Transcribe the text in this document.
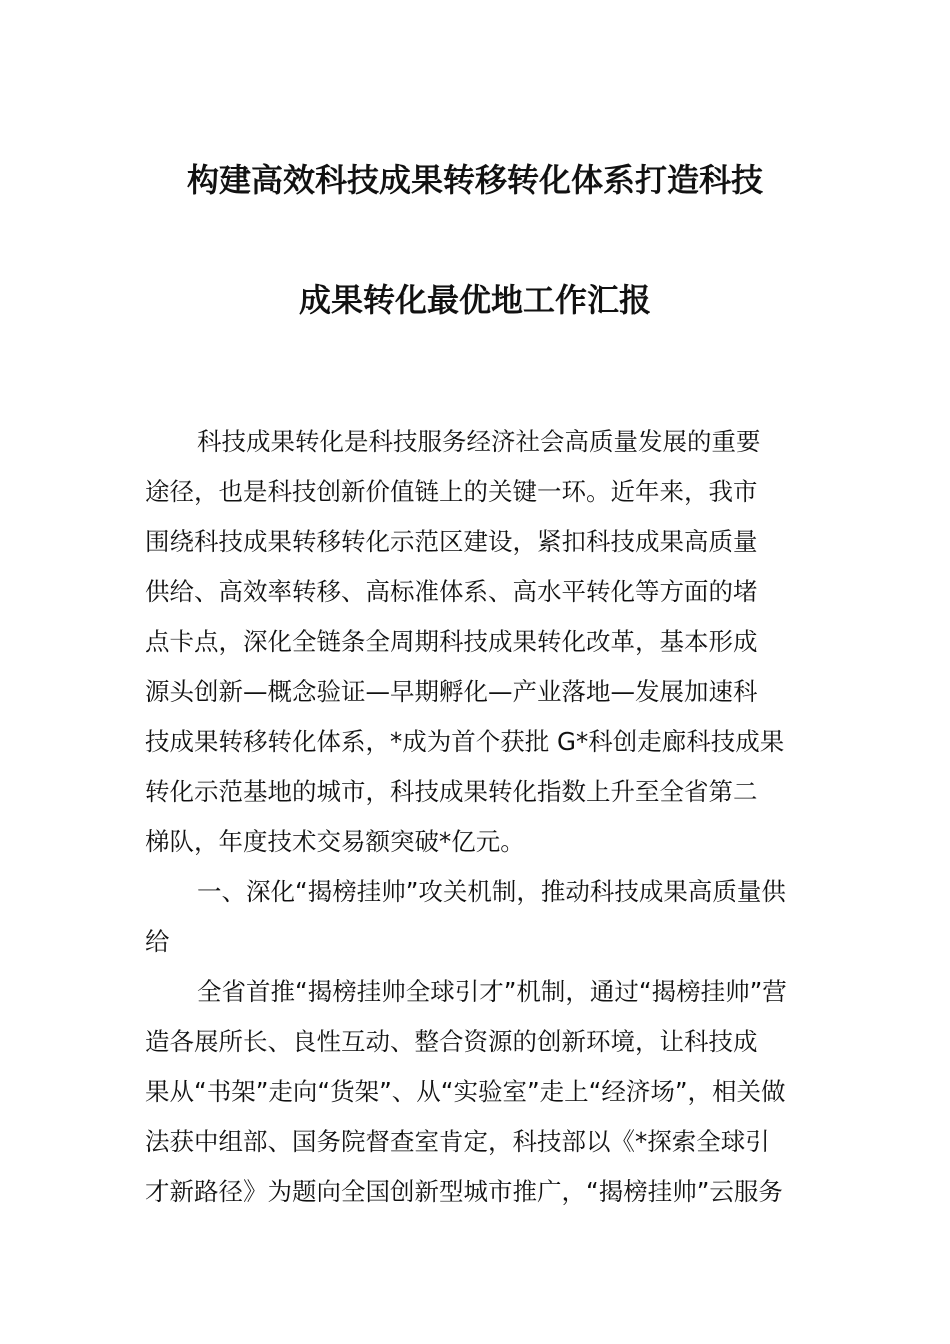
构建高效科技成果转移转化体系打造科技
成果转化最优地工作汇报
科技成果转化是科技服务经济社会高质量发展的重要
途径，也是科技创新价值链上的关键一环。近年来，我市
围绕科技成果转移转化示范区建设，紧扣科技成果高质量
供给、高效率转移、高标准体系、高水平转化等方面的堵
点卡点，深化全链条全周期科技成果转化改革，基本形成
源头创新—概念验证—早期孵化—产业落地—发展加速科
技成果转移转化体系，*成为首个获批 G*科创走廊科技成果
转化示范基地的城市，科技成果转化指数上升至全省第二
梯队，年度技术交易额突破*亿元。
一、深化“揭榜挂帅”攻关机制，推动科技成果高质量供
给
全省首推“揭榜挂帅全球引才”机制，通过“揭榜挂帅”营
造各展所长、良性互动、整合资源的创新环境，让科技成
果从“书架”走向“货架”、从“实验室”走上“经济场”，相关做
法获中组部、国务院督查室肯定，科技部以《*探索全球引
才新路径》为题向全国创新型城市推广，“揭榜挂帅”云服务
